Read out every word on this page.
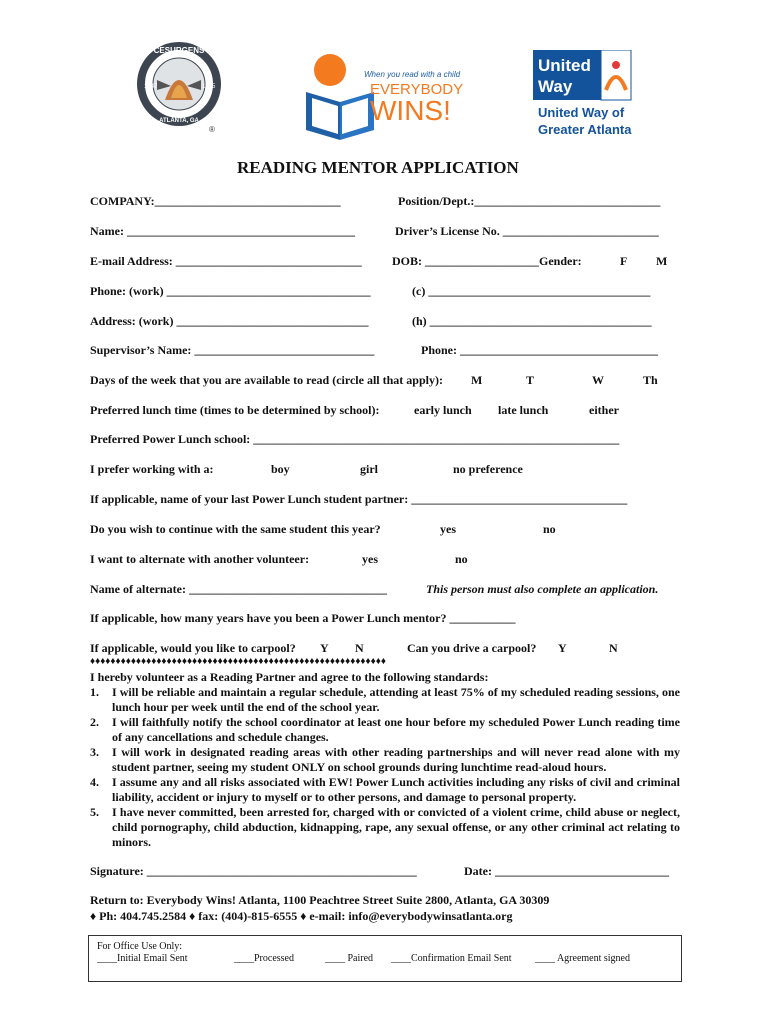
CESURGENS
ATLANTA, GA
1847	1845
®
When you read with a child
EVERYBODY
WINS!
United
Way
United Way of
Greater Atlanta
READING MENTOR APPLICATION
COMPANY:_______________________________	Position/Dept.:_______________________________
Name: ______________________________________	Driver’s License No. __________________________
E-mail Address: _______________________________	DOB: ___________________Gender:	F M
Phone: (work) __________________________________	(c) _____________________________________
Address: (work) ________________________________	(h) _____________________________________
Supervisor’s Name: ______________________________	Phone: _________________________________
Days of the week that you are available to read (circle all that apply): M	T	W	Th
Preferred lunch time (times to be determined by school):	early lunch late lunch	either
Preferred Power Lunch school: _____________________________________________________________
I prefer working with a:	boy	girl	no preference
If applicable, name of your last Power Lunch student partner: ____________________________________
Do you wish to continue with the same student this year?	yes	no
I want to alternate with another volunteer:	yes	no
Name of alternate: _________________________________	This person must also complete an application.
If applicable, how many years have you been a Power Lunch mentor? ___________
If applicable, would you like to carpool? Y N	Can you drive a carpool? Y	N
♦♦♦♦♦♦♦♦♦♦♦♦♦♦♦♦♦♦♦♦♦♦♦♦♦♦♦♦♦♦♦♦♦♦♦♦♦♦♦♦♦♦♦♦♦♦♦♦♦♦♦♦♦♦♦♦♦♦
I hereby volunteer as a Reading Partner and agree to the following standards:
1. I will be reliable and maintain a regular schedule, attending at least 75% of my scheduled reading sessions, one lunch hour per week until the end of the school year.
2. I will faithfully notify the school coordinator at least one hour before my scheduled Power Lunch reading time of any cancellations and schedule changes.
3. I will work in designated reading areas with other reading partnerships and will never read alone with my student partner, seeing my student ONLY on school grounds during lunchtime read-aloud hours.
4. I assume any and all risks associated with EW! Power Lunch activities including any risks of civil and criminal liability, accident or injury to myself or to other persons, and damage to personal property.
5. I have never committed, been arrested for, charged with or convicted of a violent crime, child abuse or neglect, child pornography, child abduction, kidnapping, rape, any sexual offense, or any other criminal act relating to minors.
Signature: _____________________________________________	Date: _____________________________
Return to: Everybody Wins! Atlanta, 1100 Peachtree Street Suite 2800, Atlanta, GA 30309
♦ Ph: 404.745.2584 ♦ fax: (404)-815-6555 ♦ e-mail: info@everybodywinsatlanta.org
For Office Use Only:
____Initial Email Sent	____Processed	____ Paired ____Confirmation Email Sent ____ Agreement signed
